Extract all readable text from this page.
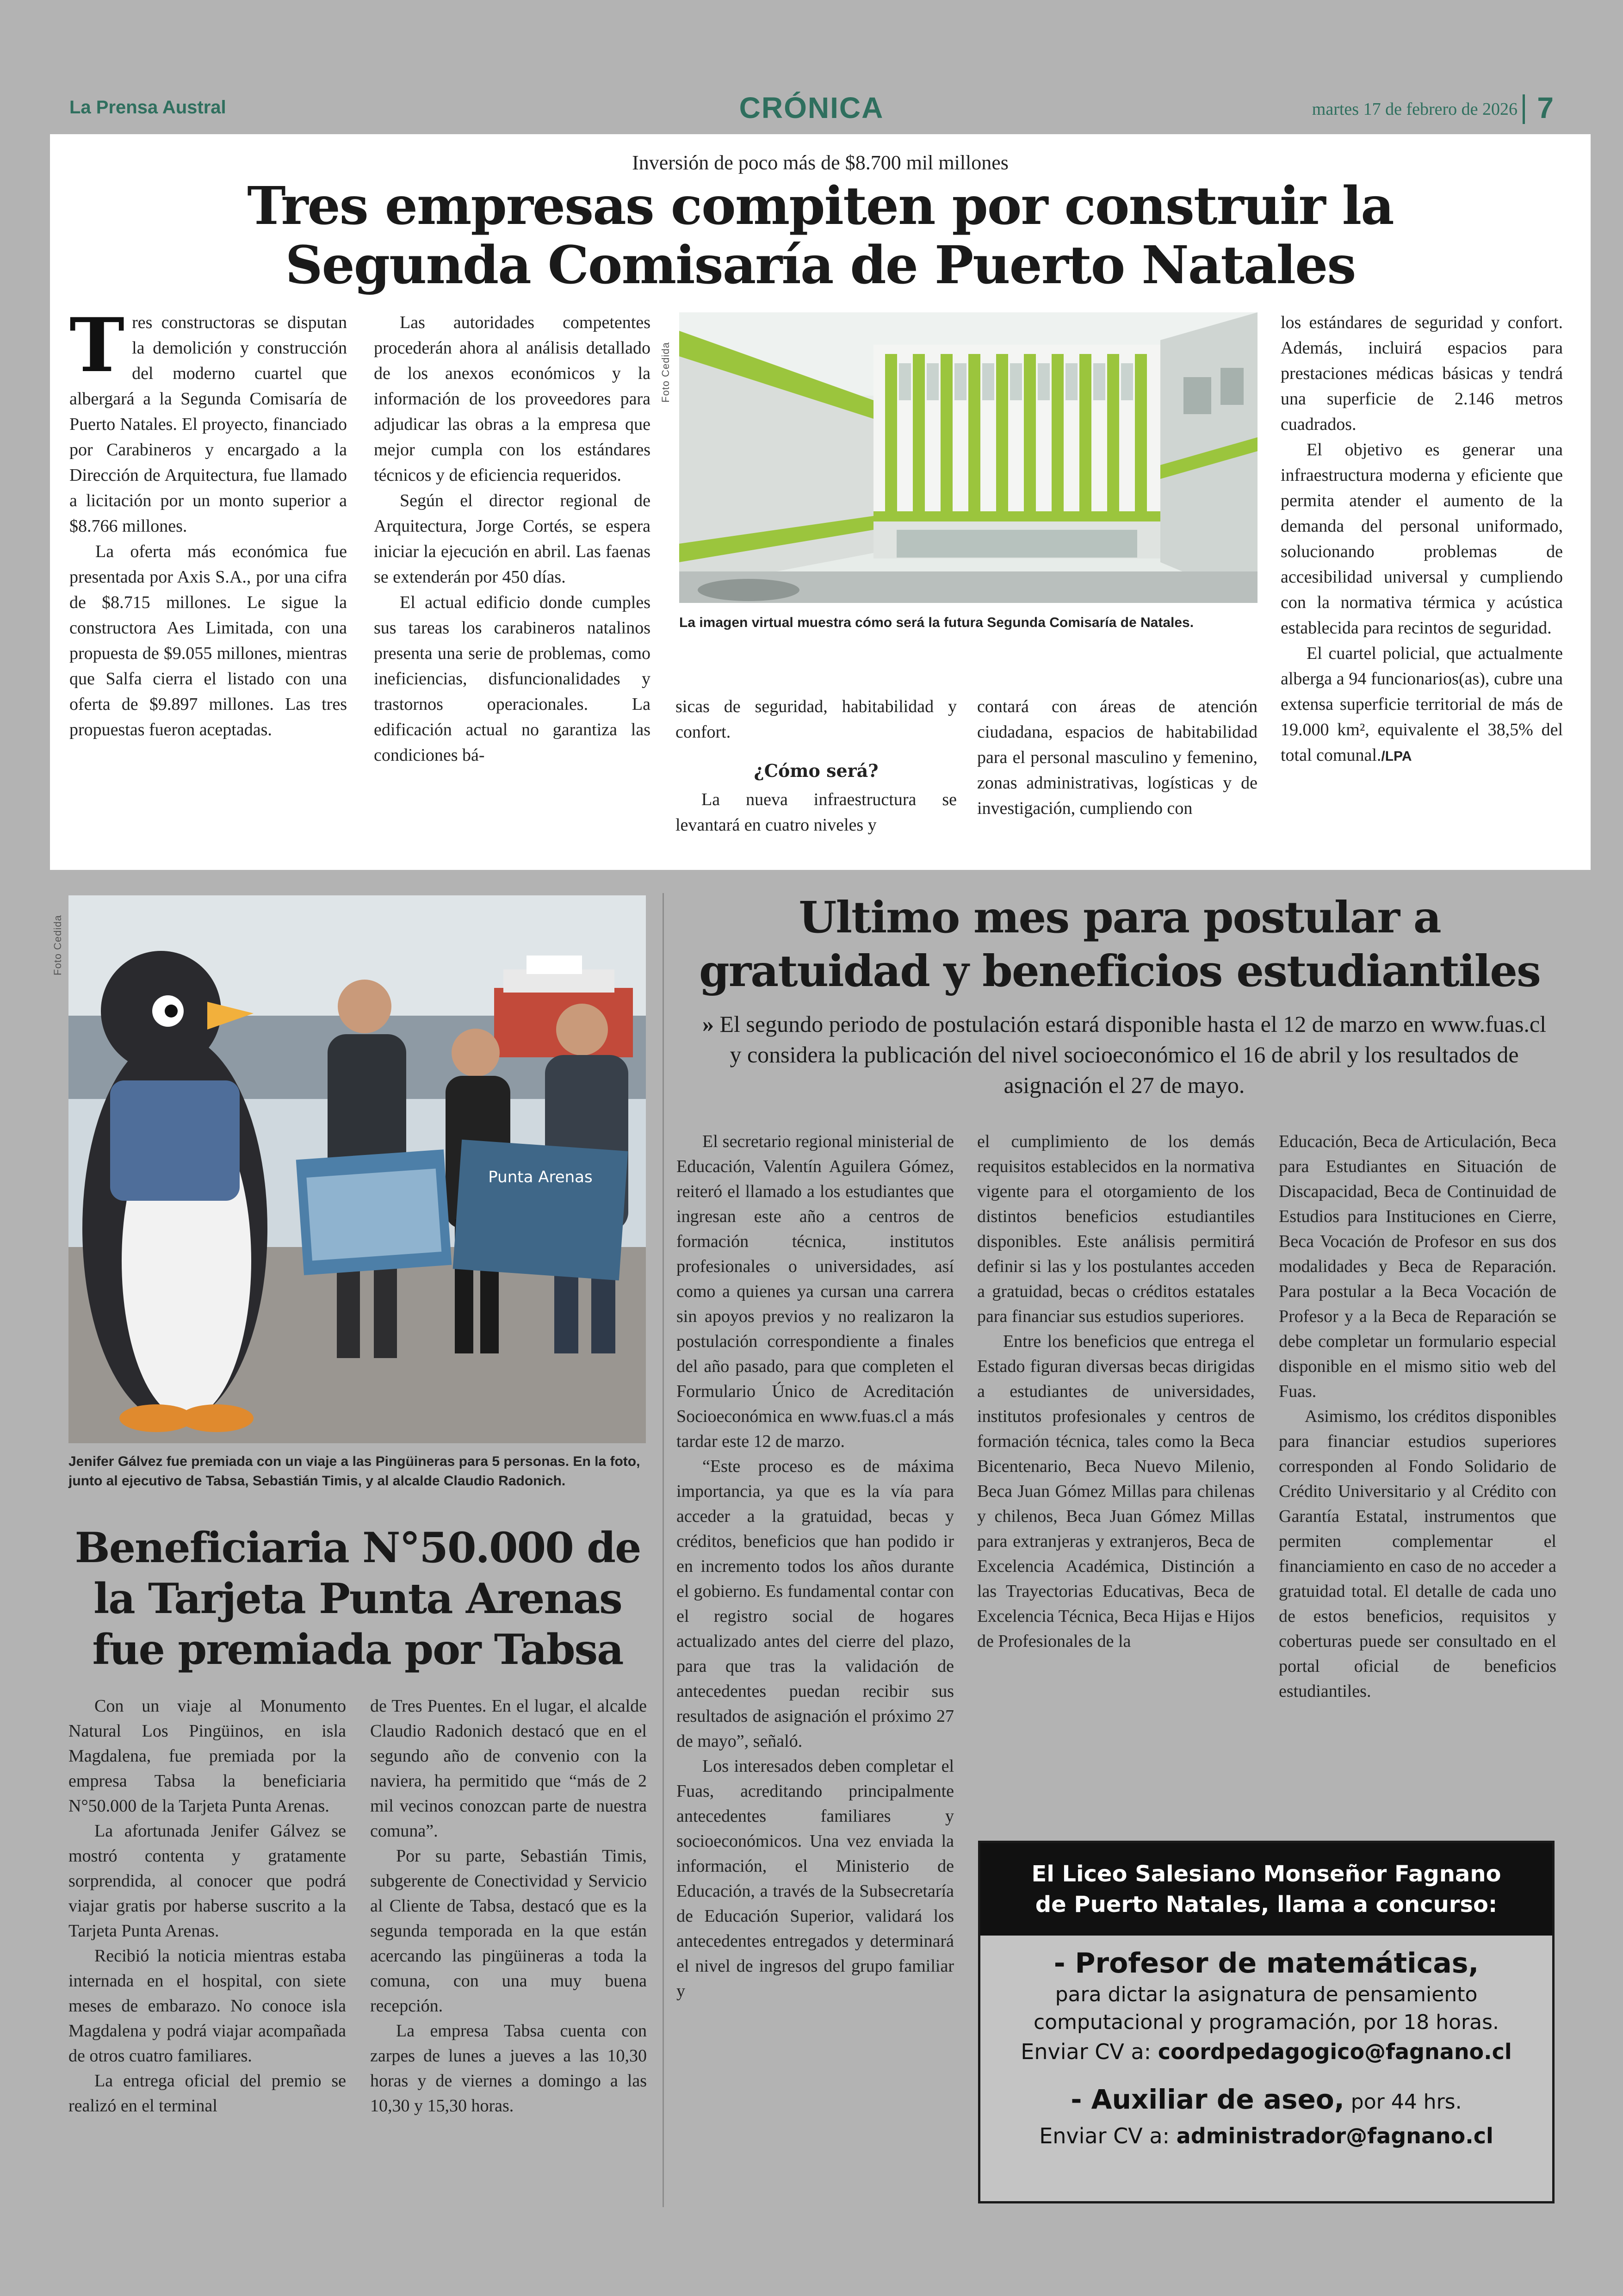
La Prensa Austral	CRÓNICA	martes 17 de febrero de 2026 7
Inversión de poco más de $8.700 mil millones
Tres empresas compiten por construir la
Segunda Comisaría de Puerto Natales

Tres constructoras se disputan la demolición y construcción del moderno cuartel que albergará a la Segunda Comisaría de Puerto Natales. El proyecto, financiado por Carabineros y encargado a la Dirección de Arquitectura, fue llamado a licitación por un monto superior a $8.766 millones.

La oferta más económica fue presentada por Axis S.A., por una cifra de $8.715 millones. Le sigue la constructora Aes Limitada, con una propuesta de $9.055 millones, mientras que Salfa cierra el listado con una oferta de $9.897 millones. Las tres propuestas fueron aceptadas.

Las autoridades competentes procederán ahora al análisis detallado de los anexos económicos y la información de los proveedores para adjudicar las obras a la empresa que mejor cumpla con los estándares técnicos y de eficiencia requeridos.

Según el director regional de Arquitectura, Jorge Cortés, se espera iniciar la ejecución en abril. Las faenas se extenderán por 450 días.

El actual edificio donde cumples sus tareas los carabineros natalinos presenta una serie de problemas, como ineficiencias, disfuncionalidades y trastornos operacionales. La edificación actual no garantiza las condiciones bá-

Foto Cedida
La imagen virtual muestra cómo será la futura Segunda Comisaría de Natales.

sicas de seguridad, habitabilidad y confort.

¿Cómo será?

La nueva infraestructura se levantará en cuatro niveles y

contará con áreas de atención ciudadana, espacios de habitabilidad para el personal masculino y femenino, zonas administrativas, logísticas y de investigación, cumpliendo con

los estándares de seguridad y confort. Además, incluirá espacios para prestaciones médicas básicas y tendrá una superficie de 2.146 metros cuadrados.

El objetivo es generar una infraestructura moderna y eficiente que permita atender el aumento de la demanda del personal uniformado, solucionando problemas de accesibilidad universal y cumpliendo con la normativa térmica y acústica establecida para recintos de seguridad.

El cuartel policial, que actualmente alberga a 94 funcionarios(as), cubre una extensa superficie territorial de más de 19.000 km², equivalente el 38,5% del total comunal./LPA

Foto Cedida
Punta Arenas
Jenifer Gálvez fue premiada con un viaje a las Pingüineras para 5 personas. En la foto, junto al ejecutivo de Tabsa, Sebastián Timis, y al alcalde Claudio Radonich.
Beneficiaria N°50.000 de
la Tarjeta Punta Arenas
fue premiada por Tabsa

Con un viaje al Monumento Natural Los Pingüinos, en isla Magdalena, fue premiada por la empresa Tabsa la beneficiaria N°50.000 de la Tarjeta Punta Arenas.

La afortunada Jenifer Gálvez se mostró contenta y gratamente sorprendida, al conocer que podrá viajar gratis por haberse suscrito a la Tarjeta Punta Arenas.

Recibió la noticia mientras estaba internada en el hospital, con siete meses de embarazo. No conoce isla Magdalena y podrá viajar acompañada de otros cuatro familiares.

La entrega oficial del premio se realizó en el terminal

de Tres Puentes. En el lugar, el alcalde Claudio Radonich destacó que en el segundo año de convenio con la naviera, ha permitido que “más de 2 mil vecinos conozcan parte de nuestra comuna”.

Por su parte, Sebastián Timis, subgerente de Conectividad y Servicio al Cliente de Tabsa, destacó que es la segunda temporada en la que están acercando las pingüineras a toda la comuna, con una muy buena recepción.

La empresa Tabsa cuenta con zarpes de lunes a jueves a las 10,30 horas y de viernes a domingo a las 10,30 y 15,30 horas.

Ultimo mes para postular a
gratuidad y beneficios estudiantiles
» El segundo periodo de postulación estará disponible hasta el 12 de marzo en www.fuas.cl y considera la publicación del nivel socioeconómico el 16 de abril y los resultados de asignación el 27 de mayo.

El secretario regional ministerial de Educación, Valentín Aguilera Gómez, reiteró el llamado a los estudiantes que ingresan este año a centros de formación técnica, institutos profesionales o universidades, así como a quienes ya cursan una carrera sin apoyos previos y no realizaron la postulación correspondiente a finales del año pasado, para que completen el Formulario Único de Acreditación Socioeconómica en www.fuas.cl a más tardar este 12 de marzo.

“Este proceso es de máxima importancia, ya que es la vía para acceder a la gratuidad, becas y créditos, beneficios que han podido ir en incremento todos los años durante el gobierno. Es fundamental contar con el registro social de hogares actualizado antes del cierre del plazo, para que tras la validación de antecedentes puedan recibir sus resultados de asignación el próximo 27 de mayo”, señaló.

Los interesados deben completar el Fuas, acreditando principalmente antecedentes familiares y socioeconómicos. Una vez enviada la información, el Ministerio de Educación, a través de la Subsecretaría de Educación Superior, validará los antecedentes entregados y determinará el nivel de ingresos del grupo familiar y

el cumplimiento de los demás requisitos establecidos en la normativa vigente para el otorgamiento de los distintos beneficios estudiantiles disponibles. Este análisis permitirá definir si las y los postulantes acceden a gratuidad, becas o créditos estatales para financiar sus estudios superiores.

Entre los beneficios que entrega el Estado figuran diversas becas dirigidas a estudiantes de universidades, institutos profesionales y centros de formación técnica, tales como la Beca Bicentenario, Beca Nuevo Milenio, Beca Juan Gómez Millas para chilenas y chilenos, Beca Juan Gómez Millas para extranjeras y extranjeros, Beca de Excelencia Académica, Distinción a las Trayectorias Educativas, Beca de Excelencia Técnica, Beca Hijas e Hijos de Profesionales de la

Educación, Beca de Articulación, Beca para Estudiantes en Situación de Discapacidad, Beca de Continuidad de Estudios para Instituciones en Cierre, Beca Vocación de Profesor en sus dos modalidades y Beca de Reparación. Para postular a la Beca Vocación de Profesor y a la Beca de Reparación se debe completar un formulario especial disponible en el mismo sitio web del Fuas.

Asimismo, los créditos disponibles para financiar estudios superiores corresponden al Fondo Solidario de Crédito Universitario y al Crédito con Garantía Estatal, instrumentos que permiten complementar el financiamiento en caso de no acceder a gratuidad total. El detalle de cada uno de estos beneficios, requisitos y coberturas puede ser consultado en el portal oficial de beneficios estudiantiles.

El Liceo Salesiano Monseñor Fagnano
de Puerto Natales, llama a concurso:
- Profesor de matemáticas,
para dictar la asignatura de pensamiento
computacional y programación, por 18 horas.
Enviar CV a: coordpedagogico@fagnano.cl
- Auxiliar de aseo, por 44 hrs.
Enviar CV a: administrador@fagnano.cl
